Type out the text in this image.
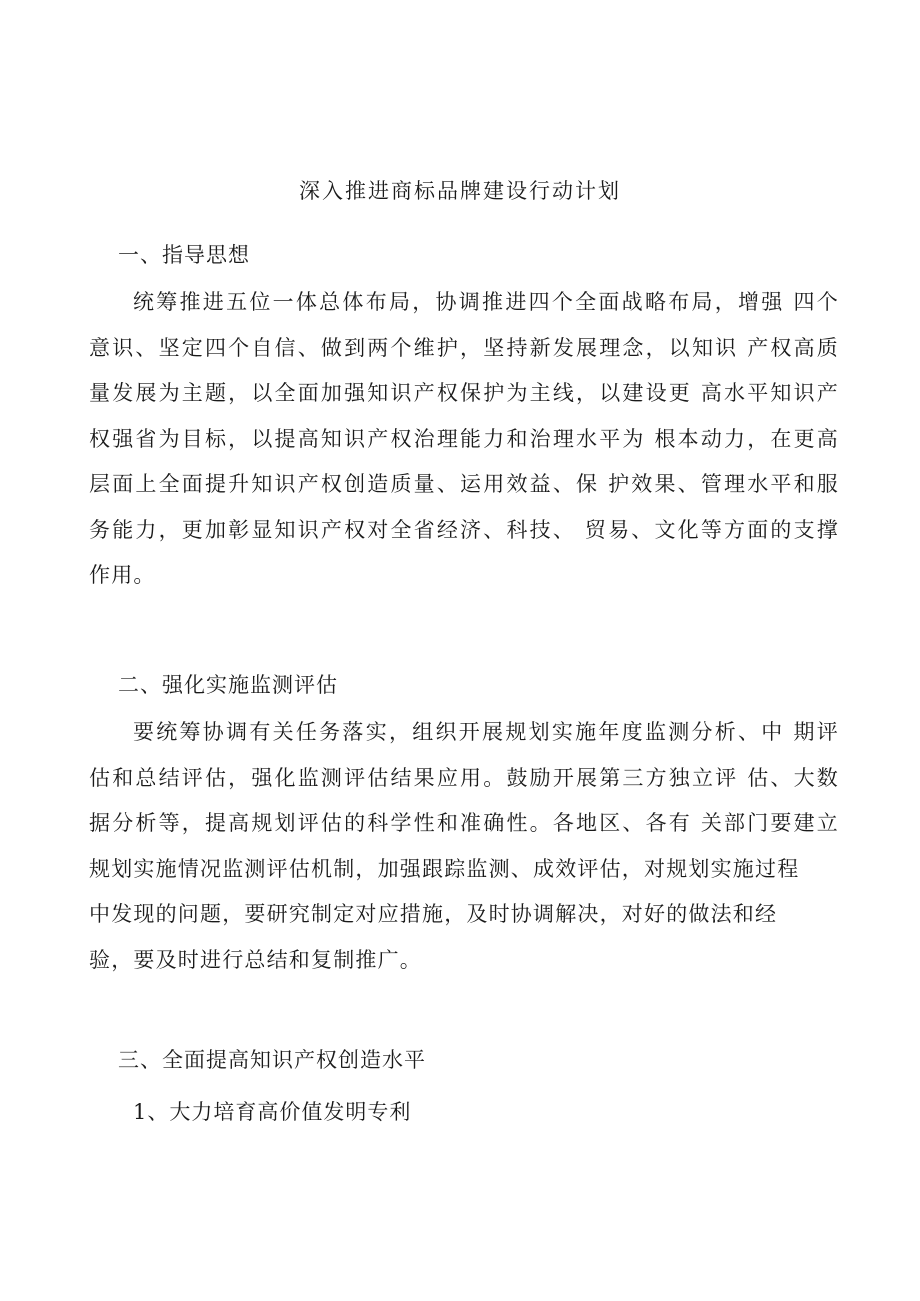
深入推进商标品牌建设行动计划
一、指导思想
统筹推进五位一体总体布局，协调推进四个全面战略布局，增强 四个
意识、坚定四个自信、做到两个维护，坚持新发展理念，以知识 产权高质
量发展为主题，以全面加强知识产权保护为主线，以建设更 高水平知识产
权强省为目标，以提高知识产权治理能力和治理水平为 根本动力，在更高
层面上全面提升知识产权创造质量、运用效益、保 护效果、管理水平和服
务能力，更加彰显知识产权对全省经济、科技、 贸易、文化等方面的支撑
作用。
二、强化实施监测评估
要统筹协调有关任务落实，组织开展规划实施年度监测分析、中 期评
估和总结评估，强化监测评估结果应用。鼓励开展第三方独立评 估、大数
据分析等，提高规划评估的科学性和准确性。各地区、各有 关部门要建立
规划实施情况监测评估机制，加强跟踪监测、成效评估，对规划实施过程
中发现的问题，要研究制定对应措施，及时协调解决，对好的做法和经
验，要及时进行总结和复制推广。
三、全面提高知识产权创造水平
1、大力培育高价值发明专利
